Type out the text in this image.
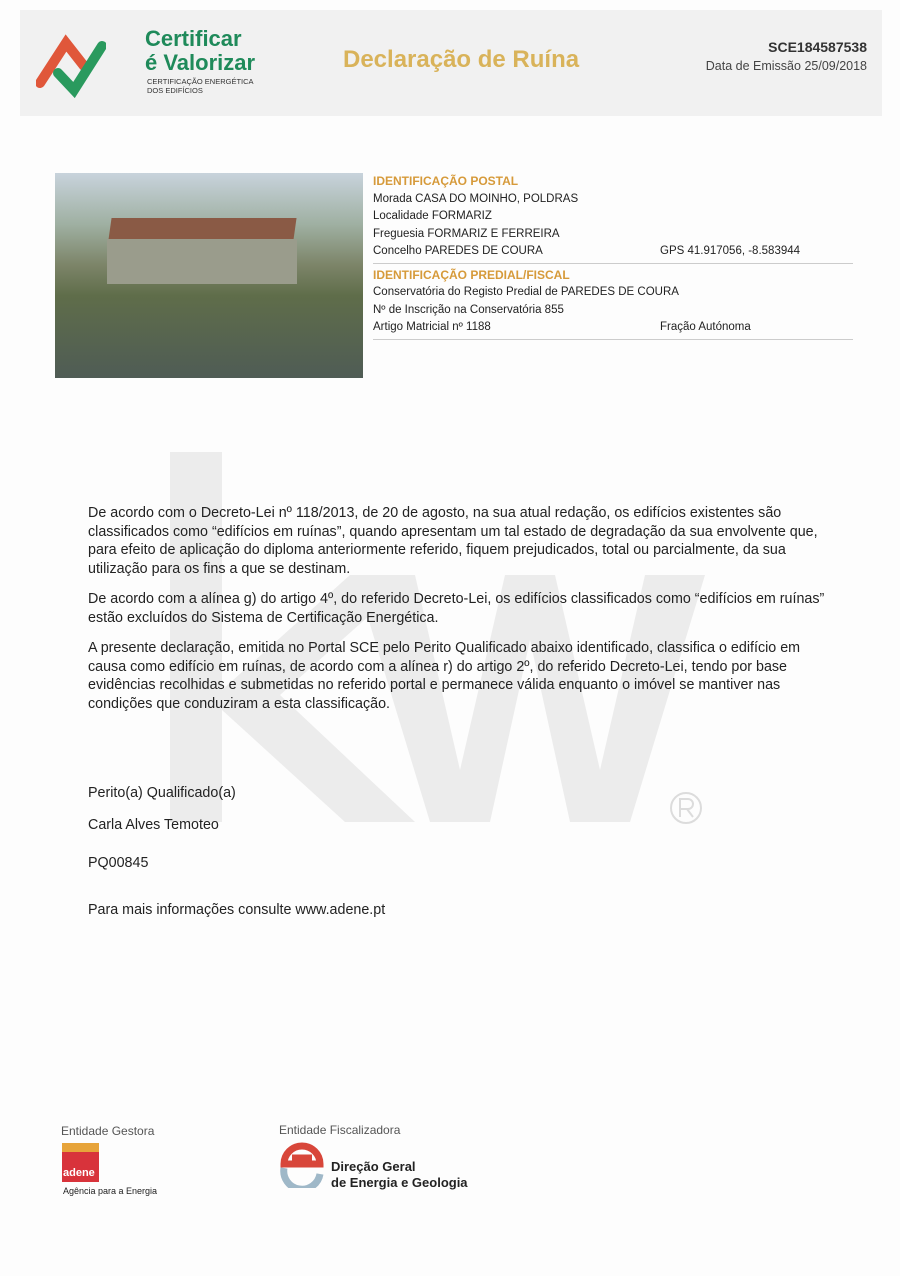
Certificar
é Valorizar
CERTIFICAÇÃO ENERGÉTICA DOS EDIFÍCIOS
Declaração de Ruína	SCE184587538
Data de Emissão 25/09/2018
IDENTIFICAÇÃO POSTAL
Morada CASA DO MOINHO, POLDRAS
Localidade FORMARIZ
Freguesia FORMARIZ E FERREIRA
Concelho PAREDES DE COURA	GPS 41.917056, -8.583944
IDENTIFICAÇÃO PREDIAL/FISCAL
Conservatória do Registo Predial de PAREDES DE COURA
Nº de Inscrição na Conservatória 855
Artigo Matricial nº 1188	Fração Autónoma

De acordo com o Decreto-Lei nº 118/2013, de 20 de agosto, na sua atual redação, os edifícios existentes são classificados como “edifícios em ruínas”, quando apresentam um tal estado de degradação da sua envolvente que, para efeito de aplicação do diploma anteriormente referido, fiquem prejudicados, total ou parcialmente, da sua utilização para os fins a que se destinam.

De acordo com a alínea g) do artigo 4º, do referido Decreto-Lei, os edifícios classificados como “edifícios em ruínas” estão excluídos do Sistema de Certificação Energética.

A presente declaração, emitida no Portal SCE pelo Perito Qualificado abaixo identificado, classifica o edifício em causa como edifício em ruínas, de acordo com a alínea r) do artigo 2º, do referido Decreto-Lei, tendo por base evidências recolhidas e submetidas no referido portal e permanece válida enquanto o imóvel se mantiver nas condições que conduziram a esta classificação.

Perito(a) Qualificado(a)
Carla Alves Temoteo
PQ00845
Para mais informações consulte www.adene.pt
Entidade Gestora
adene
Agência para a Energia
Entidade Fiscalizadora
Direção Geral
de Energia e Geologia
